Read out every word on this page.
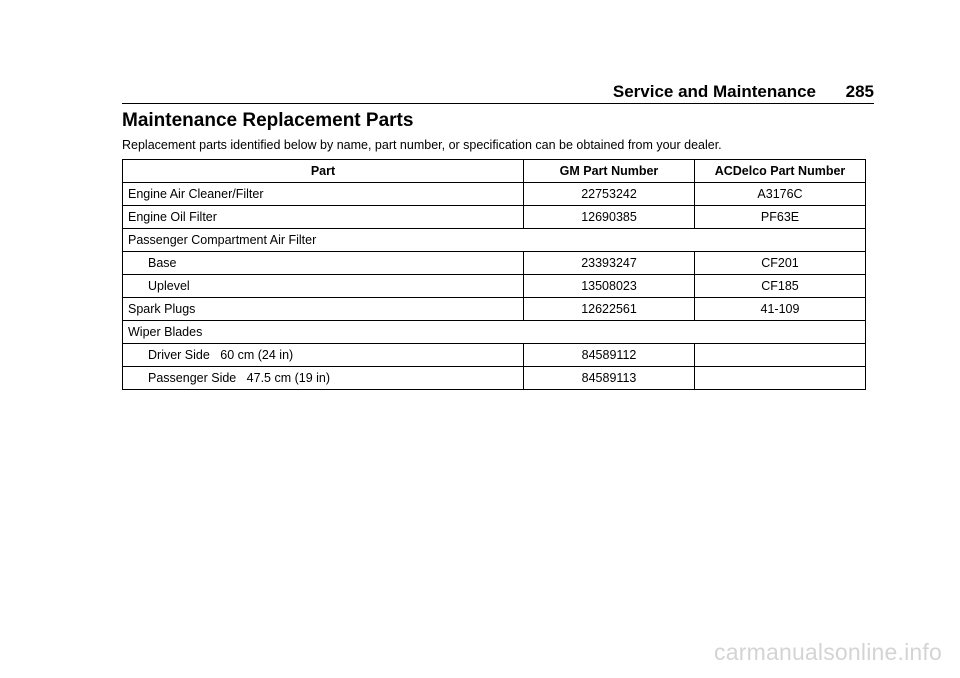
Service and Maintenance 285
Maintenance Replacement Parts
Replacement parts identified below by name, part number, or specification can be obtained from your dealer.
Part	GM Part Number	ACDelco Part Number
Engine Air Cleaner/Filter	22753242	A3176C
Engine Oil Filter	12690385	PF63E
Passenger Compartment Air Filter		
Base	23393247	CF201
Uplevel	13508023	CF185
Spark Plugs	12622561	41-109
Wiper Blades		
Driver Side   60 cm (24 in)	84589112	
Passenger Side   47.5 cm (19 in)	84589113	
carmanualsonline.info
